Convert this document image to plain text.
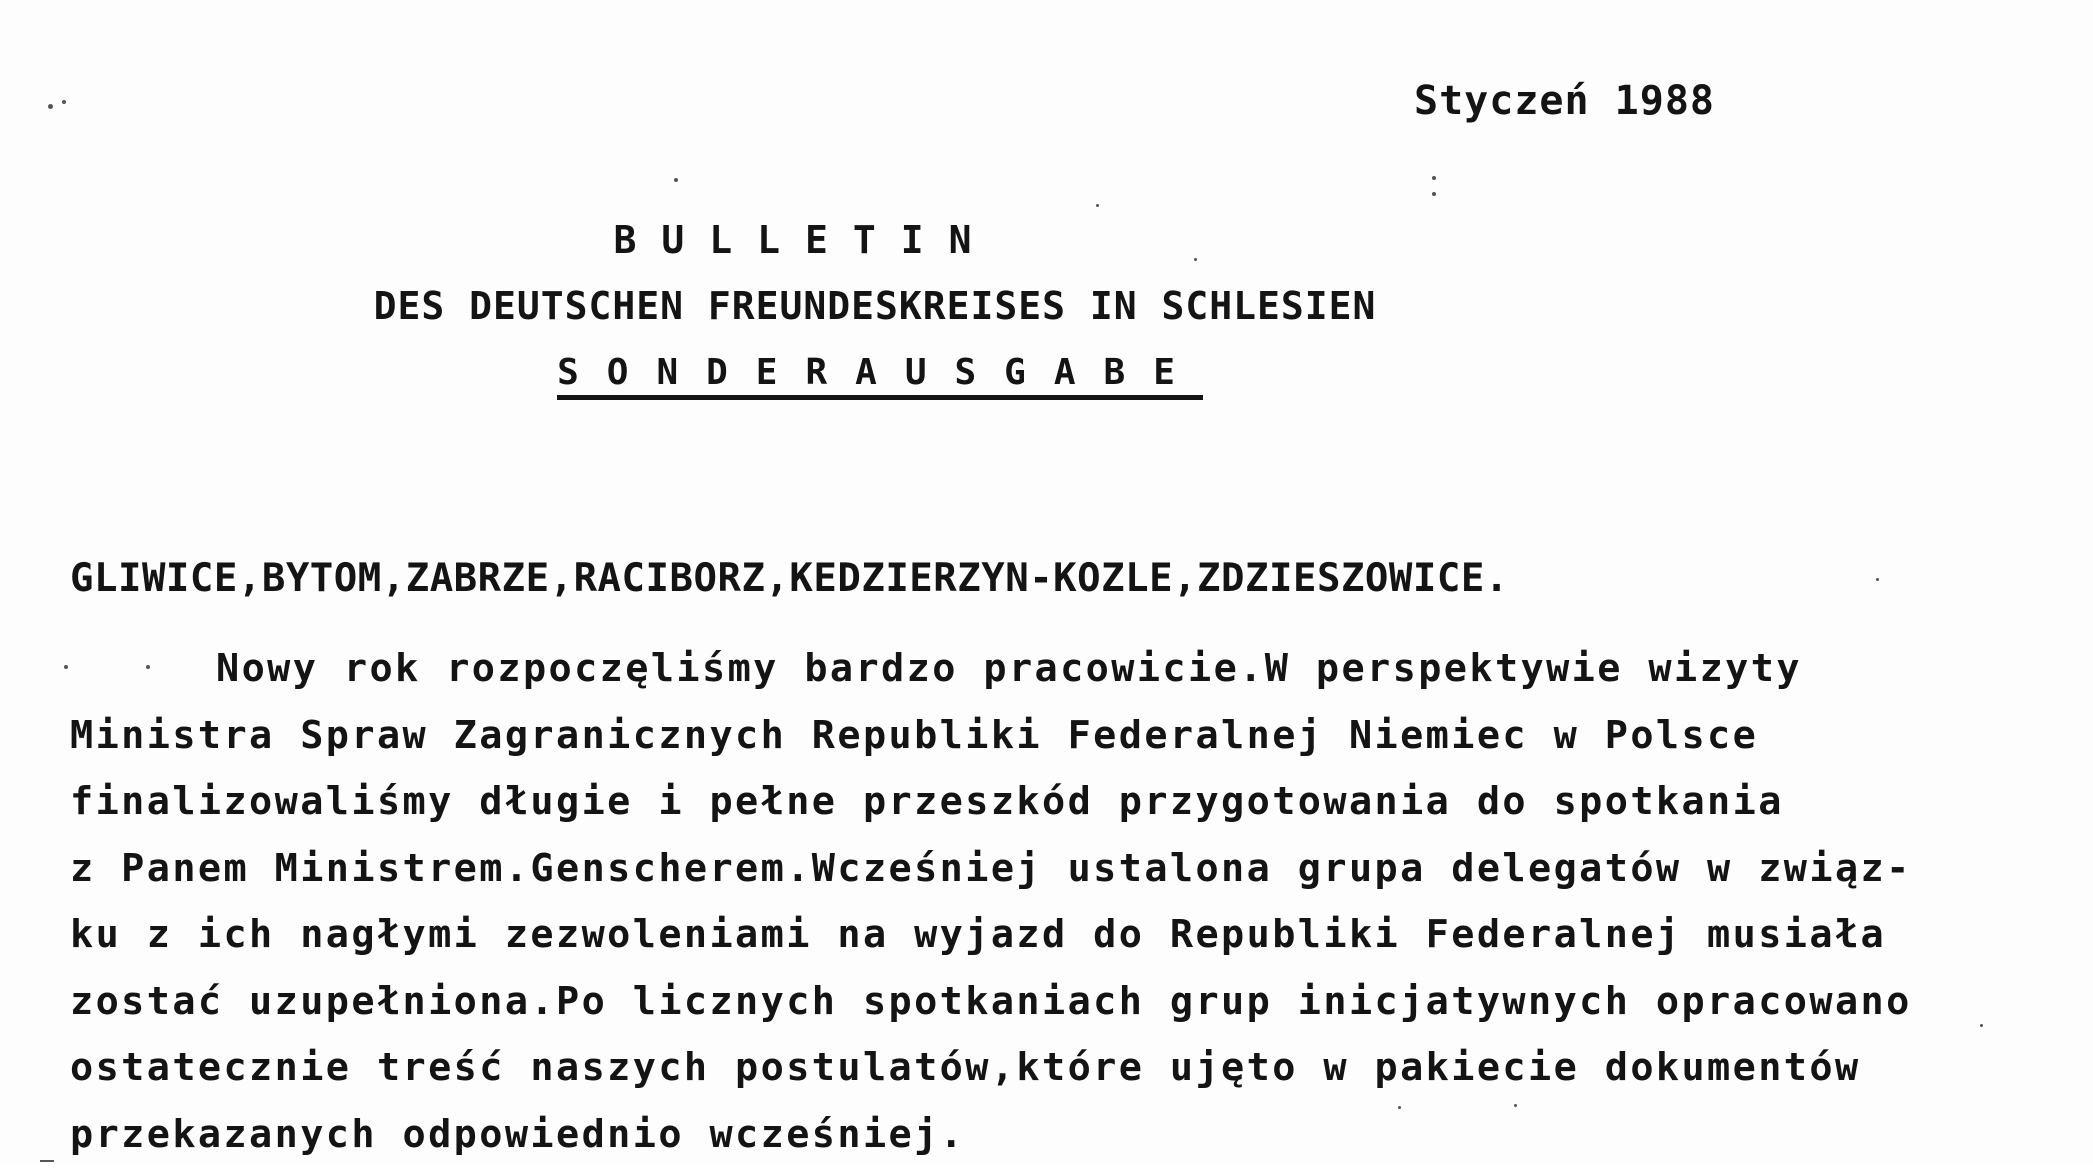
Styczeń 1988
BULLETIN
DES DEUTSCHEN FREUNDESKREISES IN SCHLESIEN
SONDERAUSGABE
GLIWICE,BYTOM,ZABRZE,RACIBORZ,KEDZIERZYN-KOZLE,ZDZIESZOWICE.
Nowy rok rozpoczęliśmy bardzo pracowicie.W perspektywie wizyty
Ministra Spraw Zagranicznych Republiki Federalnej Niemiec w Polsce
finalizowaliśmy długie i pełne przeszkód przygotowania do spotkania
z Panem Ministrem.Genscherem.Wcześniej ustalona grupa delegatów w związ-
ku z ich nagłymi zezwoleniami na wyjazd do Republiki Federalnej musiała
zostać uzupełniona.Po licznych spotkaniach grup inicjatywnych opracowano
ostatecznie treść naszych postulatów,które ujęto w pakiecie dokumentów
przekazanych odpowiednio wcześniej.
